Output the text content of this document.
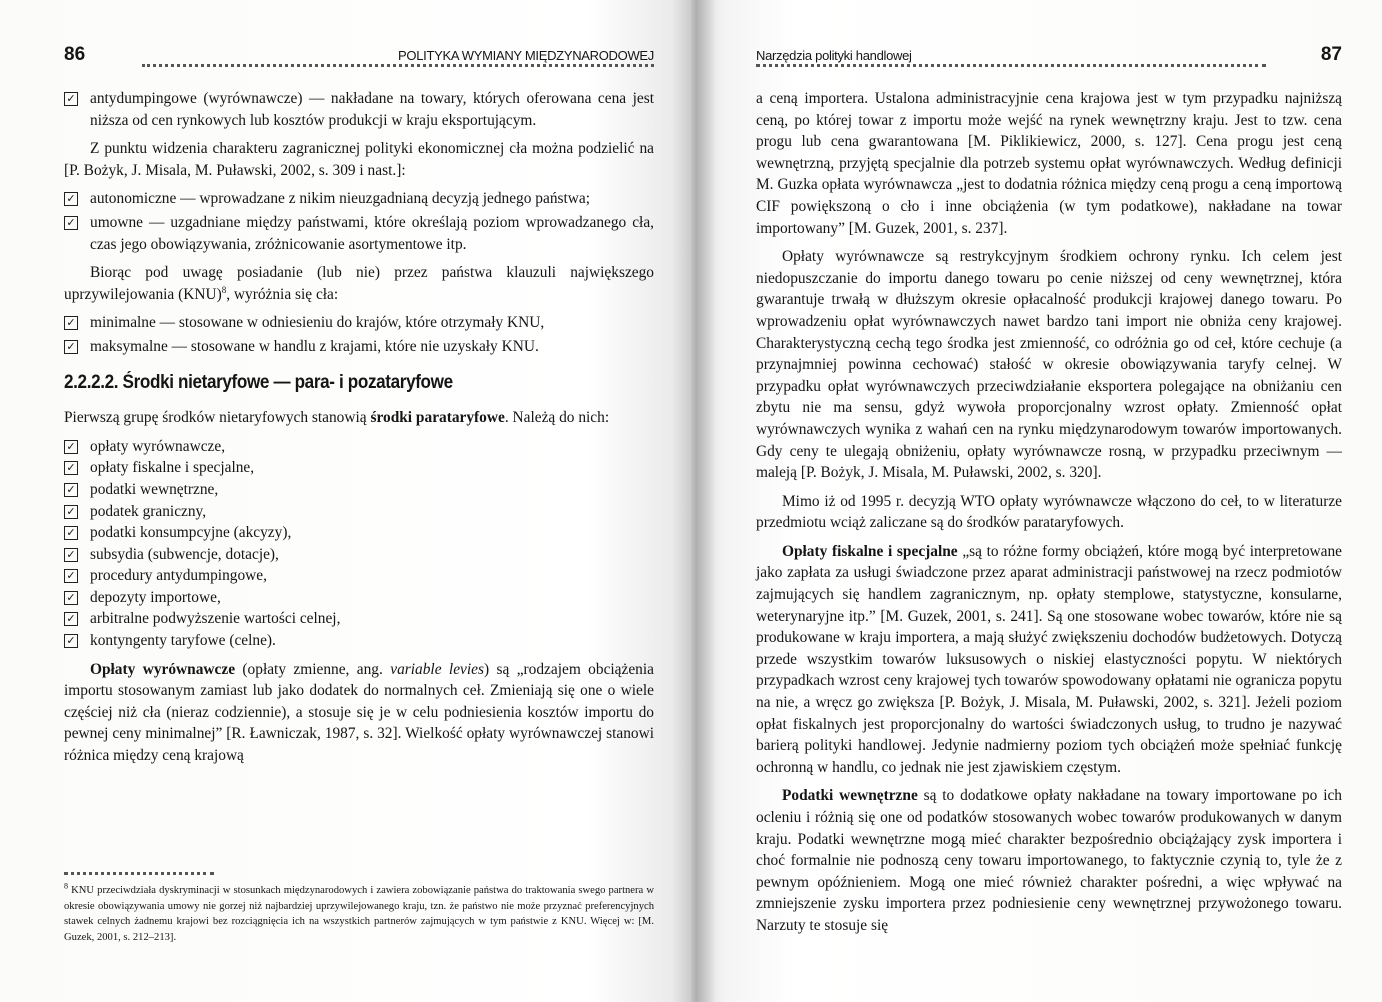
86	POLITYKA WYMIANY MIĘDZYNARODOWEJ
✓ antydumpingowe (wyrównawcze) — nakładane na towary, których oferowana cena jest niższa od cen rynkowych lub kosztów produkcji w kraju eksportującym.

Z punktu widzenia charakteru zagranicznej polityki ekonomicznej cła można podzielić na [P. Bożyk, J. Misala, M. Puławski, 2002, s. 309 i nast.]:

✓ autonomiczne — wprowadzane z nikim nieuzgadnianą decyzją jednego państwa;
✓ umowne — uzgadniane między państwami, które określają poziom wprowadzanego cła, czas jego obowiązywania, zróżnicowanie asortymentowe itp.

Biorąc pod uwagę posiadanie (lub nie) przez państwa klauzuli największego uprzywilejowania (KNU)$^8$, wyróżnia się cła:

✓ minimalne — stosowane w odniesieniu do krajów, które otrzymały KNU,
✓ maksymalne — stosowane w handlu z krajami, które nie uzyskały KNU.
2.2.2.2. Środki nietaryfowe — para- i pozataryfowe

Pierwszą grupę środków nietaryfowych stanowią środki parataryfowe. Należą do nich:

✓ opłaty wyrównawcze,
✓ opłaty fiskalne i specjalne,
✓ podatki wewnętrzne,
✓ podatek graniczny,
✓ podatki konsumpcyjne (akcyzy),
✓ subsydia (subwencje, dotacje),
✓ procedury antydumpingowe,
✓ depozyty importowe,
✓ arbitralne podwyższenie wartości celnej,
✓ kontyngenty taryfowe (celne).

Opłaty wyrównawcze (opłaty zmienne, ang. variable levies) są „rodzajem obciążenia importu stosowanym zamiast lub jako dodatek do normalnych ceł. Zmieniają się one o wiele częściej niż cła (nieraz codziennie), a stosuje się je w celu podniesienia kosztów importu do pewnej ceny minimalnej” [R. Ławniczak, 1987, s. 32]. Wielkość opłaty wyrównawczej stanowi różnica między ceną krajową

$^8$ KNU przeciwdziała dyskryminacji w stosunkach międzynarodowych i zawiera zobowiązanie państwa do traktowania swego partnera w okresie obowiązywania umowy nie gorzej niż najbardziej uprzywilejowanego kraju, tzn. że państwo nie może przyznać preferencyjnych stawek celnych żadnemu krajowi bez rozciągnięcia ich na wszystkich partnerów zajmujących w tym państwie z KNU. Więcej w: [M. Guzek, 2001, s. 212–213].
Narzędzia polityki handlowej	87

a ceną importera. Ustalona administracyjnie cena krajowa jest w tym przypadku najniższą ceną, po której towar z importu może wejść na rynek wewnętrzny kraju. Jest to tzw. cena progu lub cena gwarantowana [M. Piklikiewicz, 2000, s. 127]. Cena progu jest ceną wewnętrzną, przyjętą specjalnie dla potrzeb systemu opłat wyrównawczych. Według definicji M. Guzka opłata wyrównawcza „jest to dodatnia różnica między ceną progu a ceną importową CIF powiększoną o cło i inne obciążenia (w tym podatkowe), nakładane na towar importowany” [M. Guzek, 2001, s. 237].

Opłaty wyrównawcze są restrykcyjnym środkiem ochrony rynku. Ich celem jest niedopuszczanie do importu danego towaru po cenie niższej od ceny wewnętrznej, która gwarantuje trwałą w dłuższym okresie opłacalność produkcji krajowej danego towaru. Po wprowadzeniu opłat wyrównawczych nawet bardzo tani import nie obniża ceny krajowej. Charakterystyczną cechą tego środka jest zmienność, co odróżnia go od ceł, które cechuje (a przynajmniej powinna cechować) stałość w okresie obowiązywania taryfy celnej. W przypadku opłat wyrównawczych przeciwdziałanie eksportera polegające na obniżaniu cen zbytu nie ma sensu, gdyż wywoła proporcjonalny wzrost opłaty. Zmienność opłat wyrównawczych wynika z wahań cen na rynku międzynarodowym towarów importowanych. Gdy ceny te ulegają obniżeniu, opłaty wyrównawcze rosną, w przypadku przeciwnym — maleją [P. Bożyk, J. Misala, M. Puławski, 2002, s. 320].

Mimo iż od 1995 r. decyzją WTO opłaty wyrównawcze włączono do ceł, to w literaturze przedmiotu wciąż zaliczane są do środków parataryfowych.

Opłaty fiskalne i specjalne „są to różne formy obciążeń, które mogą być interpretowane jako zapłata za usługi świadczone przez aparat administracji państwowej na rzecz podmiotów zajmujących się handlem zagranicznym, np. opłaty stemplowe, statystyczne, konsularne, weterynaryjne itp.” [M. Guzek, 2001, s. 241]. Są one stosowane wobec towarów, które nie są produkowane w kraju importera, a mają służyć zwiększeniu dochodów budżetowych. Dotyczą przede wszystkim towarów luksusowych o niskiej elastyczności popytu. W niektórych przypadkach wzrost ceny krajowej tych towarów spowodowany opłatami nie ogranicza popytu na nie, a wręcz go zwiększa [P. Bożyk, J. Misala, M. Puławski, 2002, s. 321]. Jeżeli poziom opłat fiskalnych jest proporcjonalny do wartości świadczonych usług, to trudno je nazywać barierą polityki handlowej. Jedynie nadmierny poziom tych obciążeń może spełniać funkcję ochronną w handlu, co jednak nie jest zjawiskiem częstym.

Podatki wewnętrzne są to dodatkowe opłaty nakładane na towary importowane po ich ocleniu i różnią się one od podatków stosowanych wobec towarów produkowanych w danym kraju. Podatki wewnętrzne mogą mieć charakter bezpośrednio obciążający zysk importera i choć formalnie nie podnoszą ceny towaru importowanego, to faktycznie czynią to, tyle że z pewnym opóźnieniem. Mogą one mieć również charakter pośredni, a więc wpływać na zmniejszenie zysku importera przez podniesienie ceny wewnętrznej przywożonego towaru. Narzuty te stosuje się
